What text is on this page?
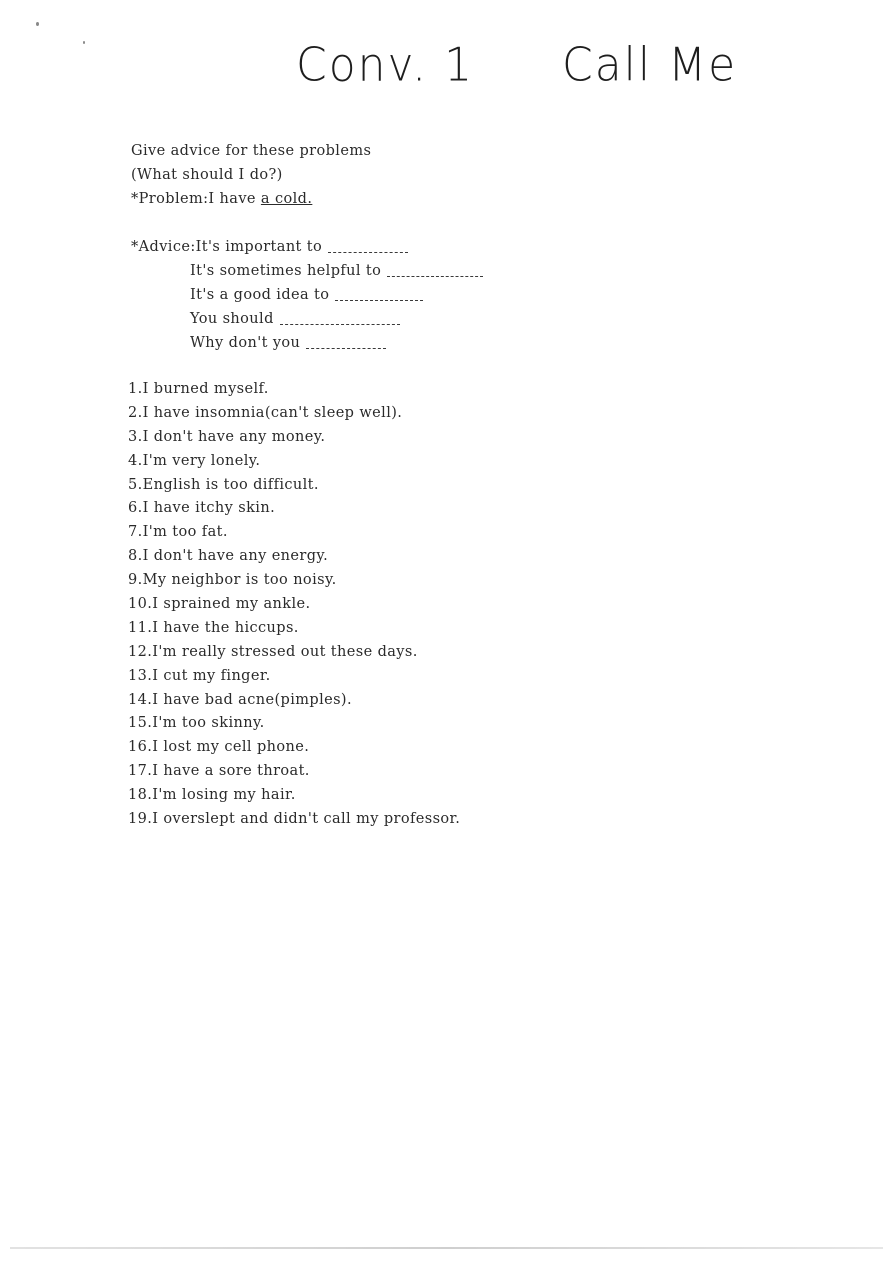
Conv. 1 Call Me
Give advice for these problems
(What should I do?)
*Problem:I have a cold.
*Advice:It's important to
It's sometimes helpful to
It's a good idea to
You should
Why don't you
1.I burned myself.
2.I have insomnia(can't sleep well).
3.I don't have any money.
4.I'm very lonely.
5.English is too difficult.
6.I have itchy skin.
7.I'm too fat.
8.I don't have any energy.
9.My neighbor is too noisy.
10.I sprained my ankle.
11.I have the hiccups.
12.I'm really stressed out these days.
13.I cut my finger.
14.I have bad acne(pimples).
15.I'm too skinny.
16.I lost my cell phone.
17.I have a sore throat.
18.I'm losing my hair.
19.I overslept and didn't call my professor.
